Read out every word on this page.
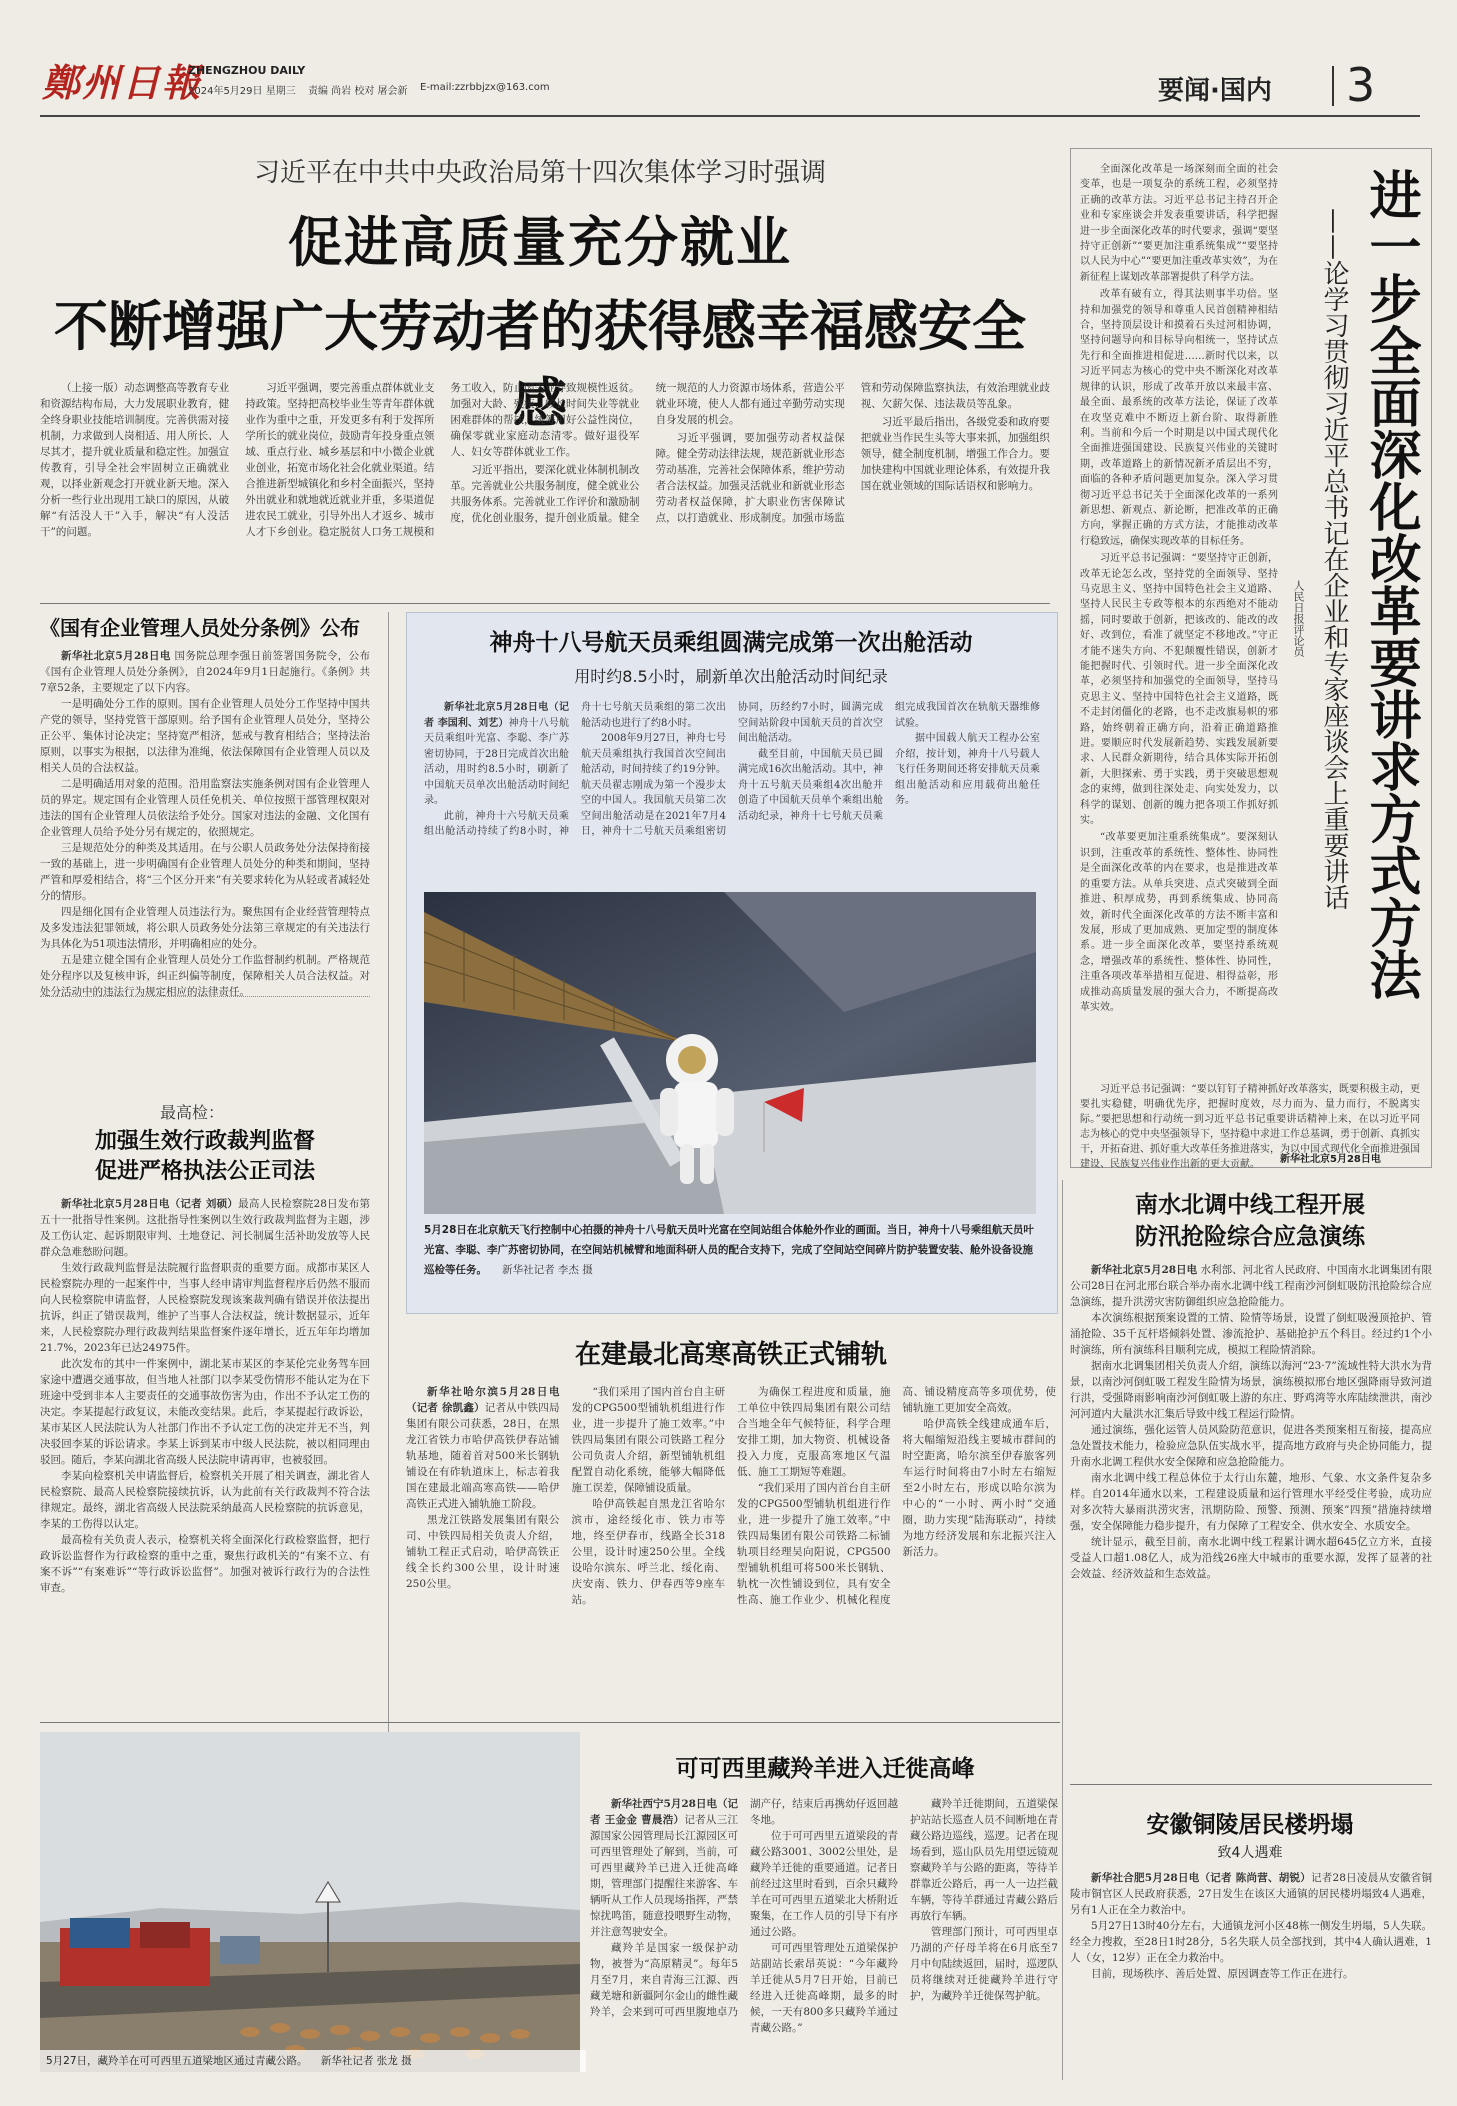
鄭州日報
ZHENGZHOU DAILY
2024年5月29日 星期三 责编 尚岩 校对 屠会新 E-mail:zzrbbjzx@163.com	要闻·国内 3
习近平在中共中央政治局第十四次集体学习时强调
促进高质量充分就业
不断增强广大劳动者的获得感幸福感安全感

（上接一版）动态调整高等教育专业和资源结构布局，大力发展职业教育，健全终身职业技能培训制度。完善供需对接机制，力求做到人岗相适、用人所长、人尽其才，提升就业质量和稳定性。加强宣传教育，引导全社会牢固树立正确就业观，以择业新观念打开就业新天地。深入分析一些行业出现用工缺口的原因，从破解“有活没人干”入手，解决“有人没活干”的问题。

习近平强调，要完善重点群体就业支持政策。坚持把高校毕业生等青年群体就业作为重中之重，开发更多有利于发挥所学所长的就业岗位，鼓励青年投身重点领域、重点行业、城乡基层和中小微企业就业创业，拓宽市场化社会化就业渠道。结合推进新型城镇化和乡村全面振兴，坚持外出就业和就地就近就业并重，多渠道促进农民工就业，引导外出人才返乡、城市人才下乡创业。稳定脱贫人口务工规模和务工收入，防止因失业导致规模性返贫。加强对大龄、残疾、较长时间失业等就业困难群体的帮扶，统筹用好公益性岗位，确保零就业家庭动态清零。做好退役军人、妇女等群体就业工作。

习近平指出，要深化就业体制机制改革。完善就业公共服务制度，健全就业公共服务体系。完善就业工作评价和激励制度，优化创业服务，提升创业质量。健全统一规范的人力资源市场体系，营造公平就业环境，使人人都有通过辛勤劳动实现自身发展的机会。

习近平强调，要加强劳动者权益保障。健全劳动法律法规，规范新就业形态劳动基准，完善社会保障体系，维护劳动者合法权益。加强灵活就业和新就业形态劳动者权益保障，扩大职业伤害保障试点，以打造就业、形成制度。加强市场监管和劳动保障监察执法，有效治理就业歧视、欠薪欠保、违法裁员等乱象。

习近平最后指出，各级党委和政府要把就业当作民生头等大事来抓，加强组织领导，健全制度机制，增强工作合力。要加快建构中国就业理论体系，有效提升我国在就业领域的国际话语权和影响力。	进一步全面深化改革要讲求方式方法
——论学习贯彻习近平总书记在企业和专家座谈会上重要讲话
人民日报评论员

全面深化改革是一场深刻而全面的社会变革，也是一项复杂的系统工程，必须坚持正确的改革方法。习近平总书记主持召开企业和专家座谈会并发表重要讲话，科学把握进一步全面深化改革的时代要求，强调“要坚持守正创新”“要更加注重系统集成”“要坚持以人民为中心”“要更加注重改革实效”，为在新征程上谋划改革部署提供了科学方法。

改革有破有立，得其法则事半功倍。坚持和加强党的领导和尊重人民首创精神相结合，坚持顶层设计和摸着石头过河相协调，坚持问题导向和目标导向相统一，坚持试点先行和全面推进相促进……新时代以来，以习近平同志为核心的党中央不断深化对改革规律的认识，形成了改革开放以来最丰富、最全面、最系统的改革方法论，保证了改革在攻坚克难中不断迈上新台阶、取得新胜利。当前和今后一个时期是以中国式现代化全面推进强国建设、民族复兴伟业的关键时期，改革道路上的新情况新矛盾层出不穷，面临的各种矛盾问题更加复杂。深入学习贯彻习近平总书记关于全面深化改革的一系列新思想、新观点、新论断，把准改革的正确方向，掌握正确的方式方法，才能推动改革行稳致远，确保实现改革的目标任务。

习近平总书记强调：“要坚持守正创新，改革无论怎么改，坚持党的全面领导、坚持马克思主义、坚持中国特色社会主义道路、坚持人民民主专政等根本的东西绝对不能动摇，同时要敢于创新，把该改的、能改的改好、改到位，看准了就坚定不移地改。”守正才能不迷失方向、不犯颠覆性错误，创新才能把握时代、引领时代。进一步全面深化改革，必须坚持和加强党的全面领导，坚持马克思主义、坚持中国特色社会主义道路，既不走封闭僵化的老路，也不走改旗易帜的邪路，始终朝着正确方向，沿着正确道路推进。要顺应时代发展新趋势、实践发展新要求、人民群众新期待，结合具体实际开拓创新，大胆探索、勇于实践，勇于突破思想观念的束缚，做到往深处走、向实处发力，以科学的谋划、创新的魄力把各项工作抓好抓实。

“改革要更加注重系统集成”。要深刻认识到，注重改革的系统性、整体性、协同性是全面深化改革的内在要求，也是推进改革的重要方法。从单兵突进、点式突破到全面推进、积厚成势，再到系统集成、协同高效，新时代全面深化改革的方法不断丰富和发展，形成了更加成熟、更加定型的制度体系。进一步全面深化改革，要坚持系统观念，增强改革的系统性、整体性、协同性，注重各项改革举措相互促进、相得益彰，形成推动高质量发展的强大合力，不断提高改革实效。

习近平总书记强调：“要以钉钉子精神抓好改革落实，既要积极主动，更要扎实稳健，明确优先序，把握时度效，尽力而为、量力而行，不脱离实际。”要把思想和行动统一到习近平总书记重要讲话精神上来，在以习近平同志为核心的党中央坚强领导下，坚持稳中求进工作总基调，勇于创新、真抓实干，开拓奋进、抓好重大改革任务推进落实，为以中国式现代化全面推进强国建设、民族复兴伟业作出新的更大贡献。	新华社北京5月28日电
《国有企业管理人员处分条例》公布

新华社北京5月28日电 国务院总理李强日前签署国务院令，公布《国有企业管理人员处分条例》，自2024年9月1日起施行。《条例》共7章52条，主要规定了以下内容。

一是明确处分工作的原则。国有企业管理人员处分工作坚持中国共产党的领导，坚持党管干部原则。给予国有企业管理人员处分，坚持公正公平、集体讨论决定；坚持宽严相济，惩戒与教育相结合；坚持法治原则，以事实为根据，以法律为准绳，依法保障国有企业管理人员以及相关人员的合法权益。

二是明确适用对象的范围。沿用监察法实施条例对国有企业管理人员的界定。规定国有企业管理人员任免机关、单位按照干部管理权限对违法的国有企业管理人员依法给予处分。国家对违法的金融、文化国有企业管理人员给予处分另有规定的，依照规定。

三是规范处分的种类及其适用。在与公职人员政务处分法保持衔接一致的基础上，进一步明确国有企业管理人员处分的种类和期间，坚持严管和厚爱相结合，将“三个区分开来”有关要求转化为从轻或者减轻处分的情形。

四是细化国有企业管理人员违法行为。聚焦国有企业经营管理特点及多发违法犯罪领域，将公职人员政务处分法第三章规定的有关违法行为具体化为51项违法情形，并明确相应的处分。

五是建立健全国有企业管理人员处分工作监督制约机制。严格规范处分程序以及复核申诉，纠正纠偏等制度，保障相关人员合法权益。对处分活动中的违法行为规定相应的法律责任。

最高检：
加强生效行政裁判监督
促进严格执法公正司法

新华社北京5月28日电（记者 刘硕）最高人民检察院28日发布第五十一批指导性案例。这批指导性案例以生效行政裁判监督为主题，涉及工伤认定、起诉期限审判、土地登记、河长制属生活补助发放等人民群众急难愁盼问题。

生效行政裁判监督是法院履行监督职责的重要方面。成都市某区人民检察院办理的一起案件中，当事人经申请审判监督程序后仍然不服而向人民检察院申请监督，人民检察院发现该案裁判确有错误并依法提出抗诉，纠正了错误裁判，维护了当事人合法权益，统计数据显示，近年来，人民检察院办理行政裁判结果监督案件逐年增长，近五年年均增加21.7%，2023年已达24975件。

此次发布的其中一件案例中，湖北某市某区的李某伦完业务驾车回家途中遭遇交通事故，但当地人社部门以李某受伤情形不能认定为在下班途中受到非本人主要责任的交通事故伤害为由，作出不予认定工伤的决定。李某提起行政复议，未能改变结果。此后，李某提起行政诉讼，某市某区人民法院认为人社部门作出不予认定工伤的决定并无不当，判决驳回李某的诉讼请求。李某上诉到某市中级人民法院，被以相同理由驳回。随后，李某向湖北省高级人民法院申请再审，也被驳回。

李某向检察机关申请监督后，检察机关开展了相关调查，湖北省人民检察院、最高人民检察院接续抗诉，认为此前有关行政裁判不符合法律规定。最终，湖北省高级人民法院采纳最高人民检察院的抗诉意见，李某的工伤得以认定。

最高检有关负责人表示，检察机关将全面深化行政检察监督，把行政诉讼监督作为行政检察的重中之重，聚焦行政机关的“有案不立、有案不诉”“有案难诉”“等行政诉讼监督”。加强对被诉行政行为的合法性审查。

神舟十八号航天员乘组圆满完成第一次出舱活动
用时约8.5小时，刷新单次出舱活动时间纪录

新华社北京5月28日电（记者 李国利、刘艺）神舟十八号航天员乘组叶光富、李聪、李广苏密切协同，于28日完成首次出舱活动，用时约8.5小时，刷新了中国航天员单次出舱活动时间纪录。

此前，神舟十六号航天员乘组出舱活动持续了约8小时，神舟十七号航天员乘组的第二次出舱活动也进行了约8小时。

2008年9月27日，神舟七号航天员乘组执行我国首次空间出舱活动，时间持续了约19分钟。航天员翟志刚成为第一个漫步太空的中国人。我国航天员第二次空间出舱活动是在2021年7月4日，神舟十二号航天员乘组密切协同，历经约7小时，圆满完成空间站阶段中国航天员的首次空间出舱活动。

截至目前，中国航天员已圆满完成16次出舱活动。其中，神舟十五号航天员乘组4次出舱并创造了中国航天员单个乘组出舱活动纪录，神舟十七号航天员乘组完成我国首次在轨航天器维修试验。

据中国载人航天工程办公室介绍，按计划，神舟十八号载人飞行任务期间还将安排航天员乘组出舱活动和应用载荷出舱任务。

5月28日在北京航天飞行控制中心拍摄的神舟十八号航天员叶光富在空间站组合体舱外作业的画面。当日，神舟十八号乘组航天员叶光富、李聪、李广苏密切协同，在空间站机械臂和地面科研人员的配合支持下，完成了空间站空间碎片防护装置安装、舱外设备设施巡检等任务。 新华社记者 李杰 摄
在建最北高寒高铁正式铺轨

新华社哈尔滨5月28日电（记者 徐凯鑫）记者从中铁四局集团有限公司获悉，28日，在黑龙江省铁力市哈伊高铁伊春站铺轨基地，随着首对500米长钢轨铺设在有砟轨道床上，标志着我国在建最北端高寒高铁——哈伊高铁正式进入铺轨施工阶段。

黑龙江铁路发展集团有限公司、中铁四局相关负责人介绍，铺轨工程正式启动，哈伊高铁正线全长约300公里，设计时速250公里。

“我们采用了国内首台自主研发的CPG500型铺轨机组进行作业，进一步提升了施工效率。”中铁四局集团有限公司铁路工程分公司负责人介绍，新型铺轨机组配置自动化系统，能够大幅降低施工误差，保障铺设质量。

哈伊高铁起自黑龙江省哈尔滨市，途经绥化市、铁力市等地，终至伊春市，线路全长318公里，设计时速250公里。全线设哈尔滨东、呼兰北、绥化南、庆安南、铁力、伊春西等9座车站。

为确保工程进度和质量，施工单位中铁四局集团有限公司结合当地全年气候特征，科学合理安排工期，加大物资、机械设备投入力度，克服高寒地区气温低、施工工期短等难题。

“我们采用了国内首台自主研发的CPG500型铺轨机组进行作业，进一步提升了施工效率。”中铁四局集团有限公司铁路二标铺轨项目经理吴向阳说，CPG500型铺轨机组可将500米长钢轨、轨枕一次性铺设到位，具有安全性高、施工作业少、机械化程度高、铺设精度高等多项优势，使铺轨施工更加安全高效。

哈伊高铁全线建成通车后，将大幅缩短沿线主要城市群间的时空距离，哈尔滨至伊春旅客列车运行时间将由7小时左右缩短至2小时左右，形成以哈尔滨为中心的“一小时、两小时”交通圈，助力实现“陆海联动”，持续为地方经济发展和东北振兴注入新活力。

南水北调中线工程开展
防汛抢险综合应急演练

新华社北京5月28日电 水利部、河北省人民政府、中国南水北调集团有限公司28日在河北邢台联合举办南水北调中线工程南沙河倒虹吸防汛抢险综合应急演练，提升洪涝灾害防御组织应急抢险能力。

本次演练根据预案设置的工情、险情等场景，设置了倒虹吸漫顶抢护、管涌抢险、35千瓦杆塔倾斜处置、渗流抢护、基础抢护五个科目。经过约1个小时演练，所有演练科目顺利完成，模拟工程险情消除。

据南水北调集团相关负责人介绍，演练以海河“23·7”流域性特大洪水为背景，以南沙河倒虹吸工程发生险情为场景，演练模拟邢台地区强降雨导致河道行洪，受强降雨影响南沙河倒虹吸上游的东庄、野鸡湾等水库陆续泄洪，南沙河河道内大量洪水汇集后导致中线工程运行险情。

通过演练，强化运管人员风险防范意识，促进各类预案相互衔接，提高应急处置技术能力，检验应急队伍实战水平，提高地方政府与央企协同能力，提升南水北调工程供水安全保障和应急抢险能力。

南水北调中线工程总体位于太行山东麓，地形、气象、水文条件复杂多样。自2014年通水以来，工程建设质量和运行管理水平经受住考验，成功应对多次特大暴雨洪涝灾害，汛期防险、预警、预测、预案”四预”措施持续增强，安全保障能力稳步提升，有力保障了工程安全、供水安全、水质安全。

统计显示，截至目前，南水北调中线工程累计调水超645亿立方米，直接受益人口超1.08亿人，成为沿线26座大中城市的重要水源，发挥了显著的社会效益、经济效益和生态效益。

安徽铜陵居民楼坍塌
致4人遇难

新华社合肥5月28日电（记者 陈尚营、胡锐）记者28日凌晨从安徽省铜陵市铜官区人民政府获悉，27日发生在该区大通镇的居民楼坍塌致4人遇难，另有1人正在全力救治中。

5月27日13时40分左右，大通镇龙河小区48栋一侧发生坍塌，5人失联。经全力搜救，至28日1时28分，5名失联人员全部找到，其中4人确认遇难，1人（女，12岁）正在全力救治中。

目前，现场秩序、善后处置、原因调查等工作正在进行。

5月27日，藏羚羊在可可西里五道梁地区通过青藏公路。 新华社记者 张龙 摄
可可西里藏羚羊进入迁徙高峰

新华社西宁5月28日电（记者 王金金 曹晨浩）记者从三江源国家公园管理局长江源园区可可西里管理处了解到，当前，可可西里藏羚羊已进入迁徙高峰期，管理部门提醒往来游客、车辆听从工作人员现场指挥，严禁惊扰鸣笛，随意投喂野生动物，并注意驾驶安全。

藏羚羊是国家一级保护动物，被誉为“高原精灵”。每年5月至7月，来自青海三江源、西藏羌塘和新疆阿尔金山的雌性藏羚羊，会来到可可西里腹地卓乃湖产仔，结束后再携幼仔返回越冬地。

位于可可西里五道梁段的青藏公路3001、3002公里处，是藏羚羊迁徙的重要通道。记者日前经过这里时看到，百余只藏羚羊在可可西里五道梁北大桥附近聚集，在工作人员的引导下有序通过公路。

可可西里管理处五道梁保护站副站长索昂英说：“今年藏羚羊迁徙从5月7日开始，目前已经进入迁徙高峰期，最多的时候，一天有800多只藏羚羊通过青藏公路。”

藏羚羊迁徙期间，五道梁保护站站长巡查人员不间断地在青藏公路边巡线，巡逻。记者在现场看到，巡山队员先用望远镜观察藏羚羊与公路的距离，等待羊群靠近公路后，再一人一边拦截车辆，等待羊群通过青藏公路后再放行车辆。

管理部门预计，可可西里卓乃湖的产仔母羊将在6月底至7月中旬陆续返回，届时，巡逻队员将继续对迁徙藏羚羊进行守护，为藏羚羊迁徙保驾护航。
